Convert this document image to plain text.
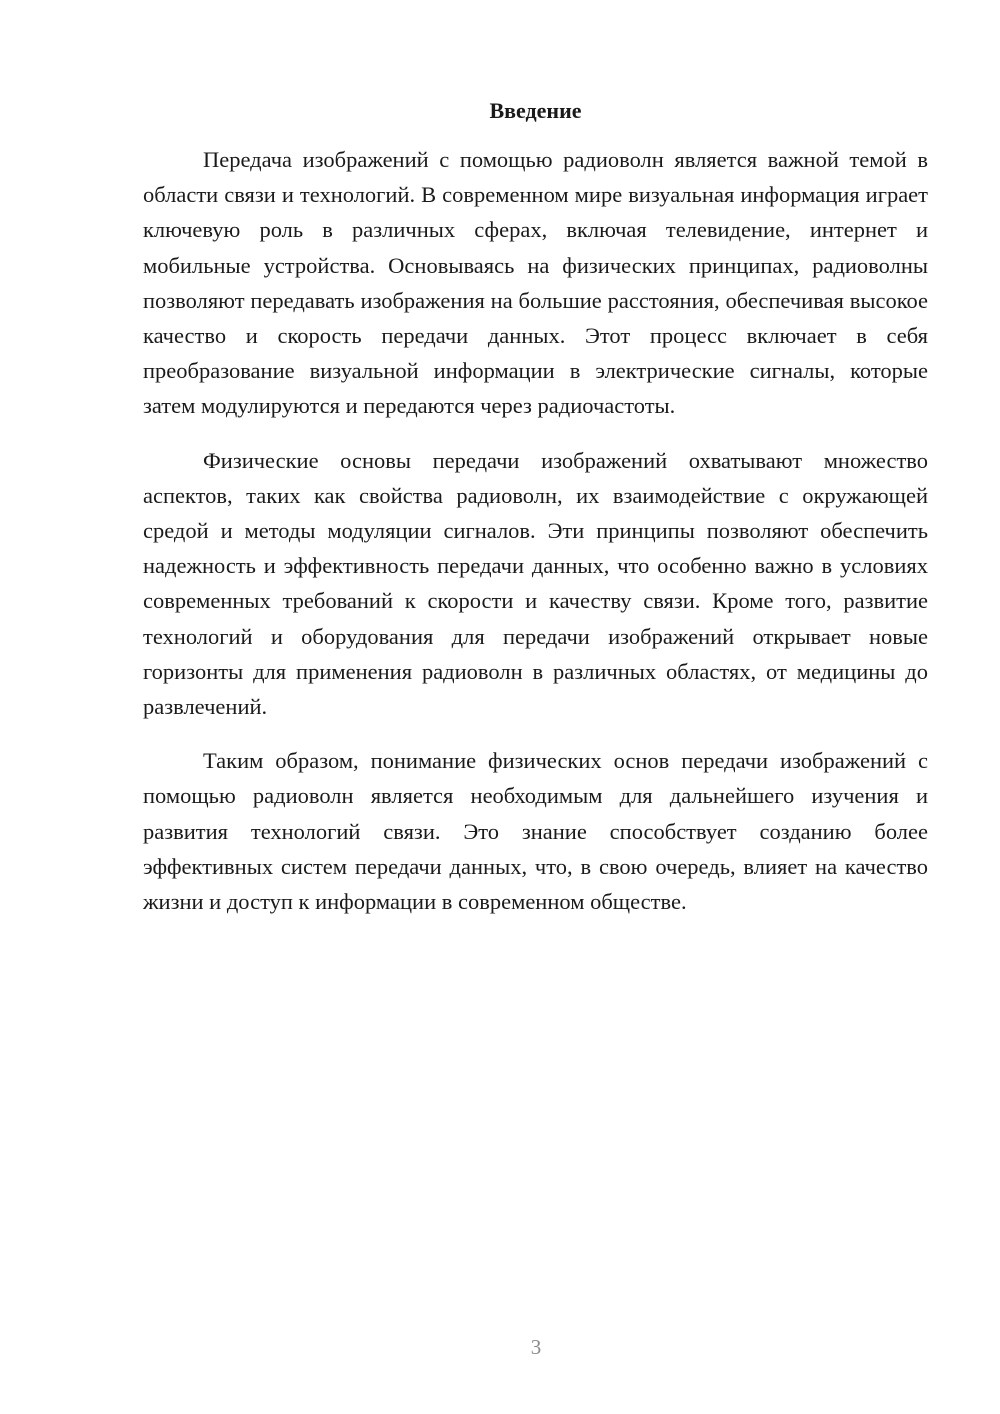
Введение

Передача изображений с помощью радиоволн является важной темой в области связи и технологий. В современном мире визуальная информация играет ключевую роль в различных сферах, включая телевидение, интернет и мобильные устройства. Основываясь на физических принципах, радиоволны позволяют передавать изображения на большие расстояния, обеспечивая высокое качество и скорость передачи данных. Этот процесс включает в себя преобразование визуальной информации в электрические сигналы, которые затем модулируются и передаются через радиочастоты.

Физические основы передачи изображений охватывают множество аспектов, таких как свойства радиоволн, их взаимодействие с окружающей средой и методы модуляции сигналов. Эти принципы позволяют обеспечить надежность и эффективность передачи данных, что особенно важно в условиях современных требований к скорости и качеству связи. Кроме того, развитие технологий и оборудования для передачи изображений открывает новые горизонты для применения радиоволн в различных областях, от медицины до развлечений.

Таким образом, понимание физических основ передачи изображений с помощью радиоволн является необходимым для дальнейшего изучения и развития технологий связи. Это знание способствует созданию более эффективных систем передачи данных, что, в свою очередь, влияет на качество жизни и доступ к информации в современном обществе.

3
